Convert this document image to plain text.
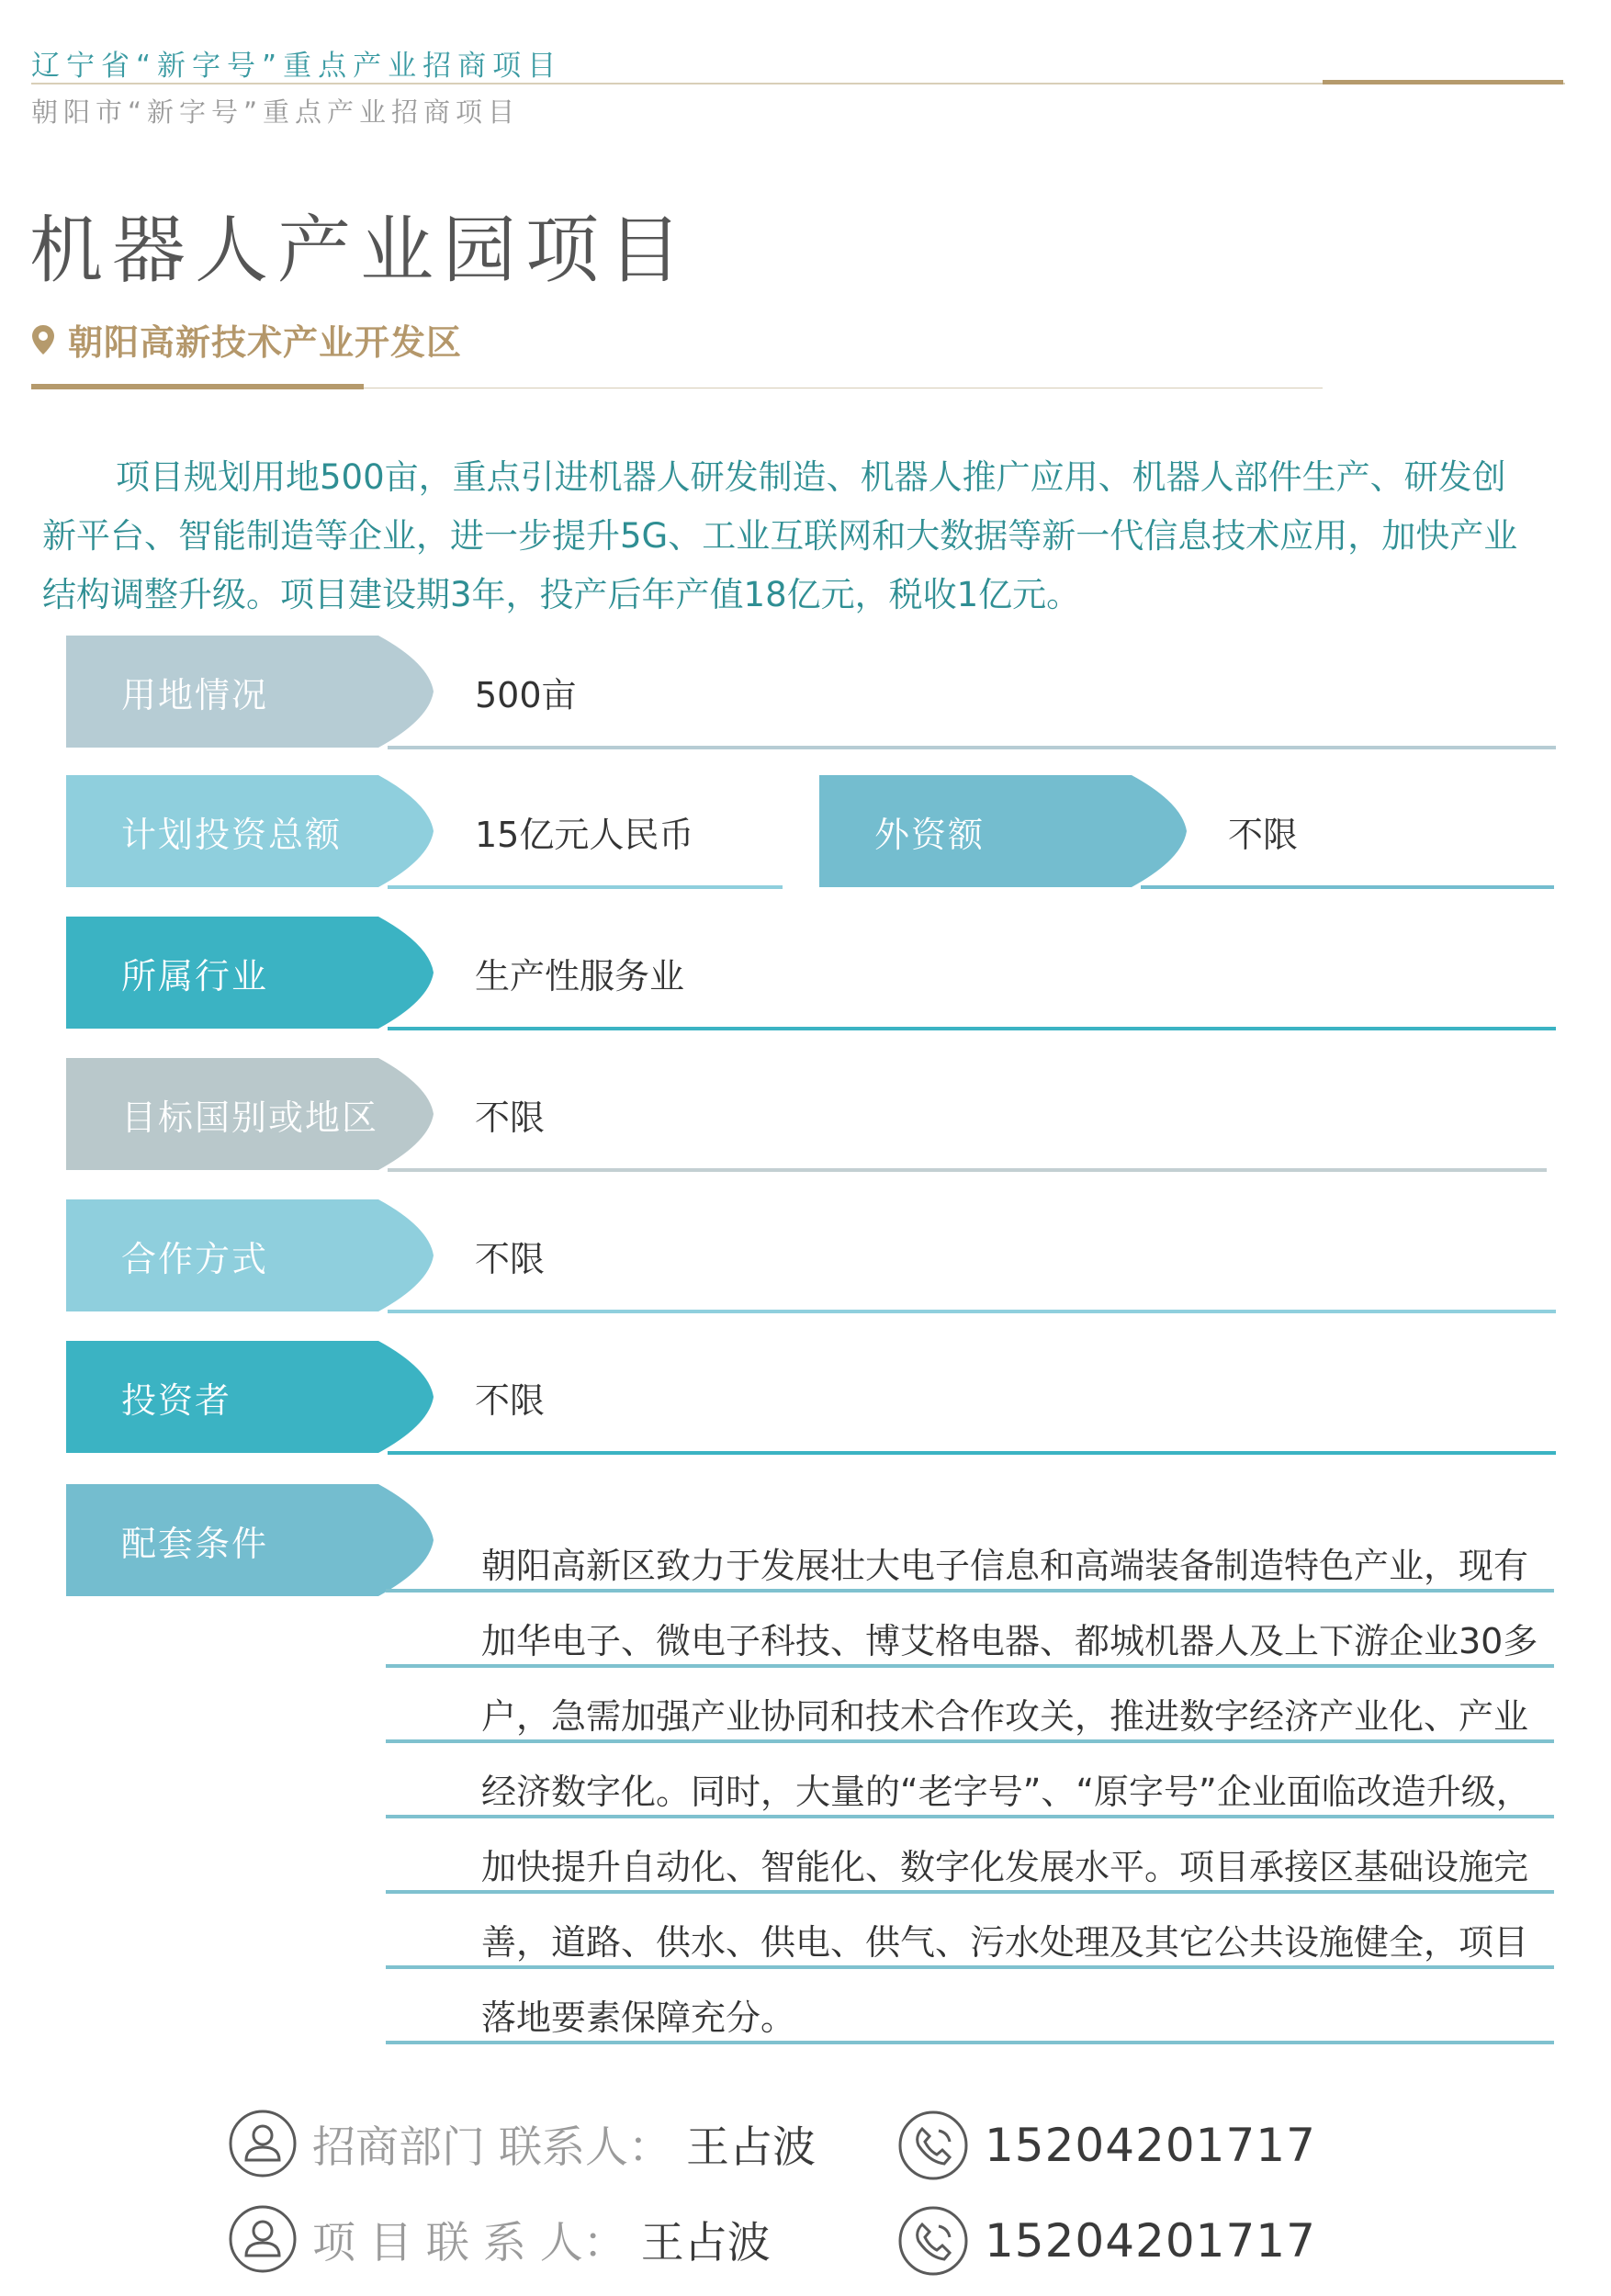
辽宁省“新字号”重点产业招商项目
朝阳市“新字号”重点产业招商项目
机器人产业园项目
朝阳高新技术产业开发区

项目规划用地500亩，重点引进机器人研发制造、机器人推广应用、机器人部件生产、研发创新平台、智能制造等企业，进一步提升5G、工业互联网和大数据等新一代信息技术应用，加快产业结构调整升级。项目建设期3年，投产后年产值18亿元，税收1亿元。

用地情况	500亩
计划投资总额	15亿元人民币	外资额	不限
所属行业	生产性服务业
目标国别或地区	不限
合作方式	不限
投资者	不限
配套条件

朝阳高新区致力于发展壮大电子信息和高端装备制造特色产业，现有加华电子、微电子科技、博艾格电器、都城机器人及上下游企业30多户，急需加强产业协同和技术合作攻关，推进数字经济产业化、产业经济数字化。同时，大量的“老字号”、“原字号”企业面临改造升级，加快提升自动化、智能化、数字化发展水平。项目承接区基础设施完善，道路、供水、供电、供气、污水处理及其它公共设施健全，项目落地要素保障充分。

招商部门 联系人： 王占波	15204201717
项 目 联 系 人： 王占波	15204201717
